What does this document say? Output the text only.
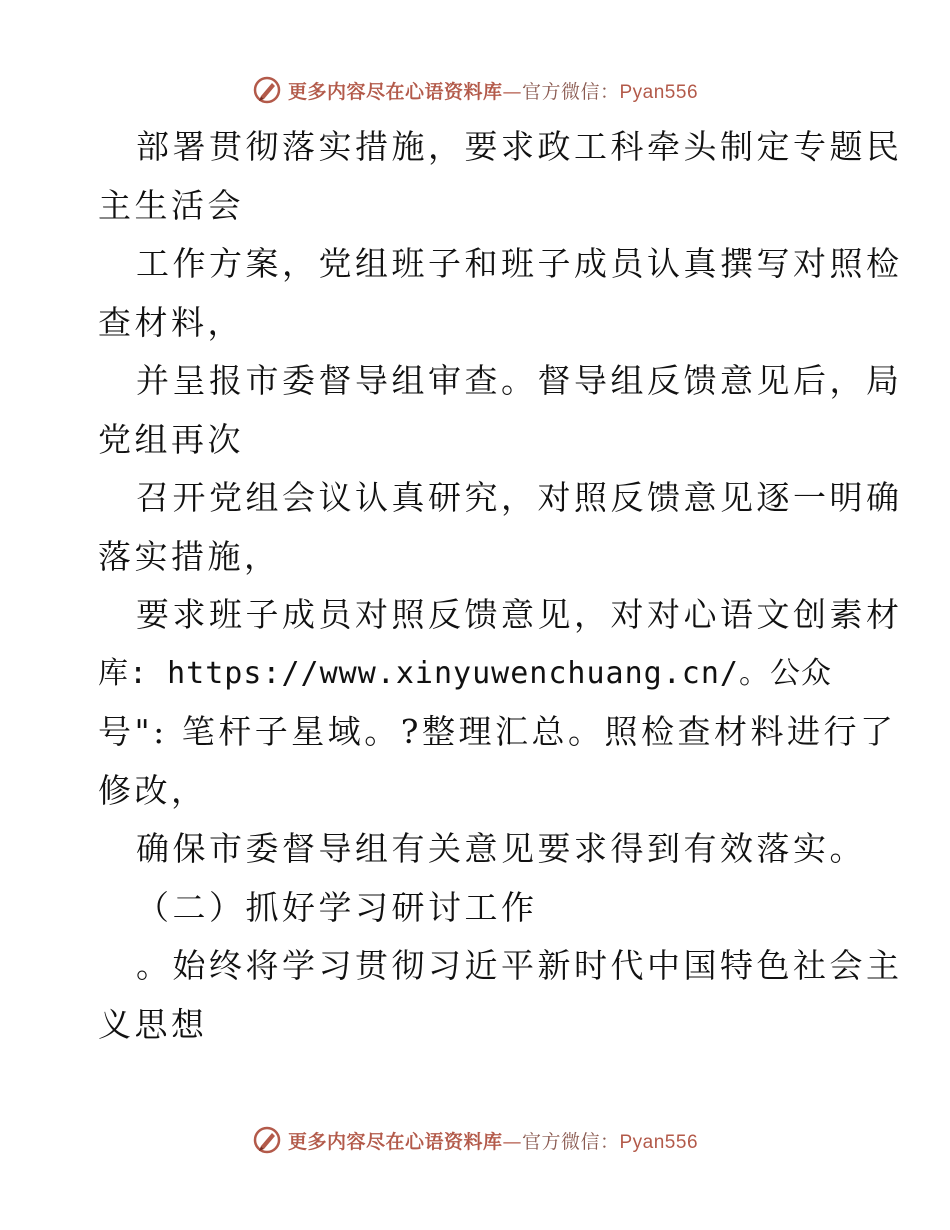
更多内容尽在心语资料库—官方微信：Pyan556
部署贯彻落实措施，要求政工科牵头制定专题民
主生活会
工作方案，党组班子和班子成员认真撰写对照检
查材料，
并呈报市委督导组审查。督导组反馈意见后，局
党组再次
召开党组会议认真研究，对照反馈意见逐一明确
落实措施，
要求班子成员对照反馈意见，对对心语文创素材
库: https://www.xinyuwenchuang.cn/。公众
号": 笔杆子星域。?整理汇总。照检查材料进行了
修改，
确保市委督导组有关意见要求得到有效落实。
（二）抓好学习研讨工作
。始终将学习贯彻习近平新时代中国特色社会主
义思想
更多内容尽在心语资料库—官方微信：Pyan556
